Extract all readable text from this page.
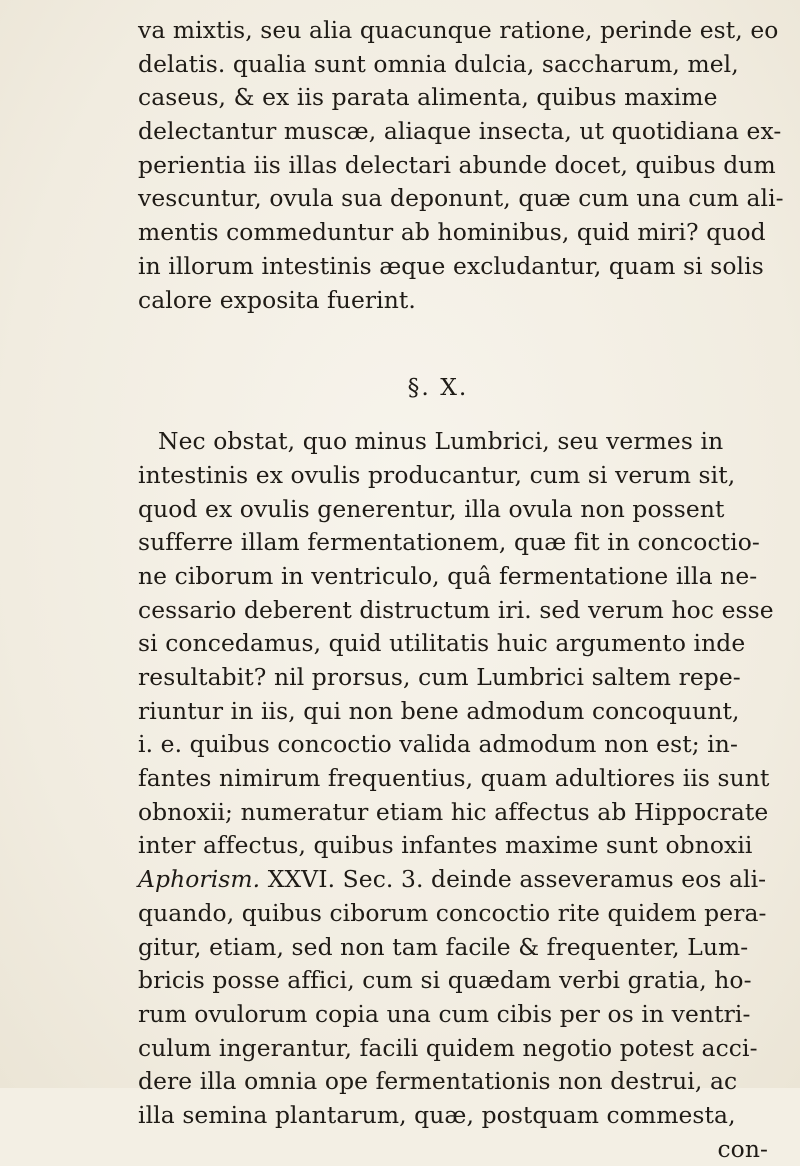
va mixtis, seu alia quacunque ratione, perinde est, eo
delatis. qualia sunt omnia dulcia, saccharum, mel,
caseus, & ex iis parata alimenta, quibus maxime
delectantur muscæ, aliaque insecta, ut quotidiana ex-
perientia iis illas delectari abunde docet, quibus dum
vescuntur, ovula sua deponunt, quæ cum una cum ali-
mentis commeduntur ab hominibus, quid miri? quod
in illorum intestinis æque excludantur, quam si solis
calore exposita fuerint.
§. X.
Nec obstat, quo minus Lumbrici, seu vermes in
intestinis ex ovulis producantur, cum si verum sit,
quod ex ovulis generentur, illa ovula non possent
sufferre illam fermentationem, quæ fit in concoctio-
ne ciborum in ventriculo, quâ fermentatione illa ne-
cessario deberent distructum iri. sed verum hoc esse
si concedamus, quid utilitatis huic argumento inde
resultabit? nil prorsus, cum Lumbrici saltem repe-
riuntur in iis, qui non bene admodum concoquunt,
i. e. quibus concoctio valida admodum non est; in-
fantes nimirum frequentius, quam adultiores iis sunt
obnoxii; numeratur etiam hic affectus ab Hippocrate
inter affectus, quibus infantes maxime sunt obnoxii
Aphorism. XXVI. Sec. 3. deinde asseveramus eos ali-
quando, quibus ciborum concoctio rite quidem pera-
gitur, etiam, sed non tam facile & frequenter, Lum-
bricis posse affici, cum si quædam verbi gratia, ho-
rum ovulorum copia una cum cibis per os in ventri-
culum ingerantur, facili quidem negotio potest acci-
dere illa omnia ope fermentationis non destrui, ac
illa semina plantarum, quæ, postquam commesta,
con-
